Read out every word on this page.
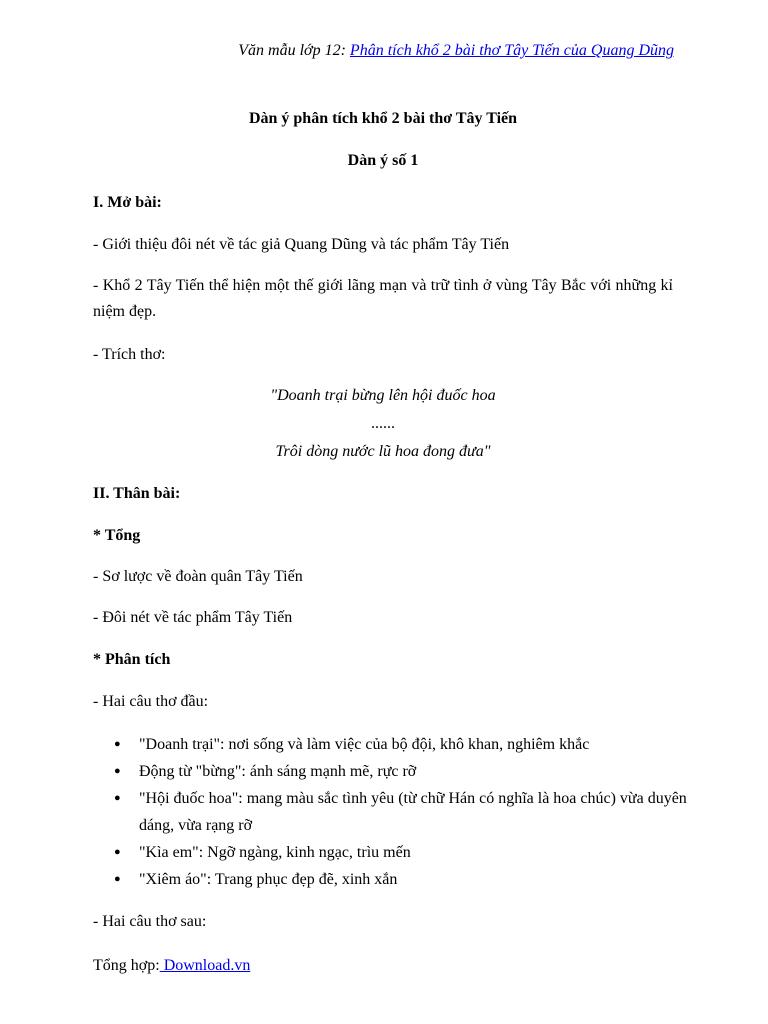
Văn mẫu lớp 12: Phân tích khổ 2 bài thơ Tây Tiến của Quang Dũng
Dàn ý phân tích khổ 2 bài thơ Tây Tiến
Dàn ý số 1
I. Mở bài:
- Giới thiệu đôi nét về tác giả Quang Dũng và tác phẩm Tây Tiến
- Khổ 2 Tây Tiến thể hiện một thế giới lãng mạn và trữ tình ở vùng Tây Bắc với những kỉ niệm đẹp.
- Trích thơ:
"Doanh trại bừng lên hội đuốc hoa
......
Trôi dòng nước lũ hoa đong đưa"
II. Thân bài:
* Tổng
- Sơ lược về đoàn quân Tây Tiến
- Đôi nét về tác phẩm Tây Tiến
* Phân tích
- Hai câu thơ đầu:
● "Doanh trại": nơi sống và làm việc của bộ đội, khô khan, nghiêm khắc
● Động từ "bừng": ánh sáng mạnh mẽ, rực rỡ
● "Hội đuốc hoa": mang màu sắc tình yêu (từ chữ Hán có nghĩa là hoa chúc) vừa duyên dáng, vừa rạng rỡ
● "Kìa em": Ngỡ ngàng, kinh ngạc, trìu mến
● "Xiêm áo": Trang phục đẹp đẽ, xinh xắn
- Hai câu thơ sau:
Tổng hợp: Download.vn
